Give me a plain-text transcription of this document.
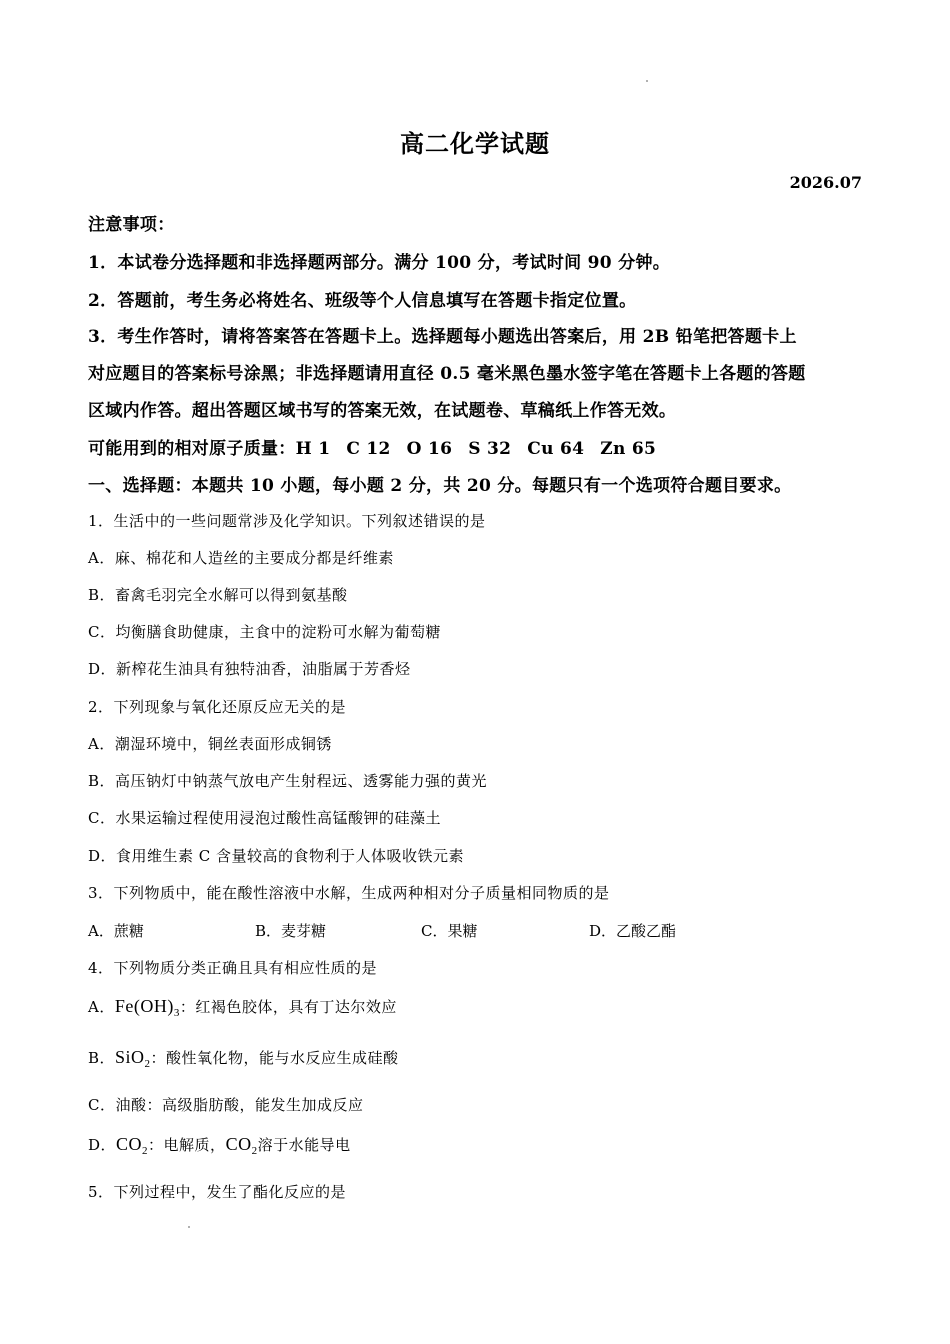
高二化学试题
2026.07
注意事项：
1．本试卷分选择题和非选择题两部分。满分 100 分，考试时间 90 分钟。
2．答题前，考生务必将姓名、班级等个人信息填写在答题卡指定位置。
3．考生作答时，请将答案答在答题卡上。选择题每小题选出答案后，用 2B 铅笔把答题卡上
对应题目的答案标号涂黑；非选择题请用直径 0.5 毫米黑色墨水签字笔在答题卡上各题的答题
区域内作答。超出答题区域书写的答案无效，在试题卷、草稿纸上作答无效。
可能用到的相对原子质量：H 1 C 12 O 16 S 32 Cu 64 Zn 65
一、选择题：本题共 10 小题，每小题 2 分，共 20 分。每题只有一个选项符合题目要求。
1．生活中的一些问题常涉及化学知识。下列叙述错误的是
A．麻、棉花和人造丝的主要成分都是纤维素
B．畜禽毛羽完全水解可以得到氨基酸
C．均衡膳食助健康，主食中的淀粉可水解为葡萄糖
D．新榨花生油具有独特油香，油脂属于芳香烃
2．下列现象与氧化还原反应无关的是
A．潮湿环境中，铜丝表面形成铜锈
B．高压钠灯中钠蒸气放电产生射程远、透雾能力强的黄光
C．水果运输过程使用浸泡过酸性高锰酸钾的硅藻土
D．食用维生素 C 含量较高的食物利于人体吸收铁元素
3．下列物质中，能在酸性溶液中水解，生成两种相对分子质量相同物质的是
A．蔗糖	B．麦芽糖	C．果糖	D．乙酸乙酯
4．下列物质分类正确且具有相应性质的是
A．$Fe(OH)_3$：红褐色胶体，具有丁达尔效应
B．SiO$_2$：酸性氧化物，能与水反应生成硅酸
C．油酸：高级脂肪酸，能发生加成反应
D．$CO_2$：电解质，$CO_2$溶于水能导电
5．下列过程中，发生了酯化反应的是
